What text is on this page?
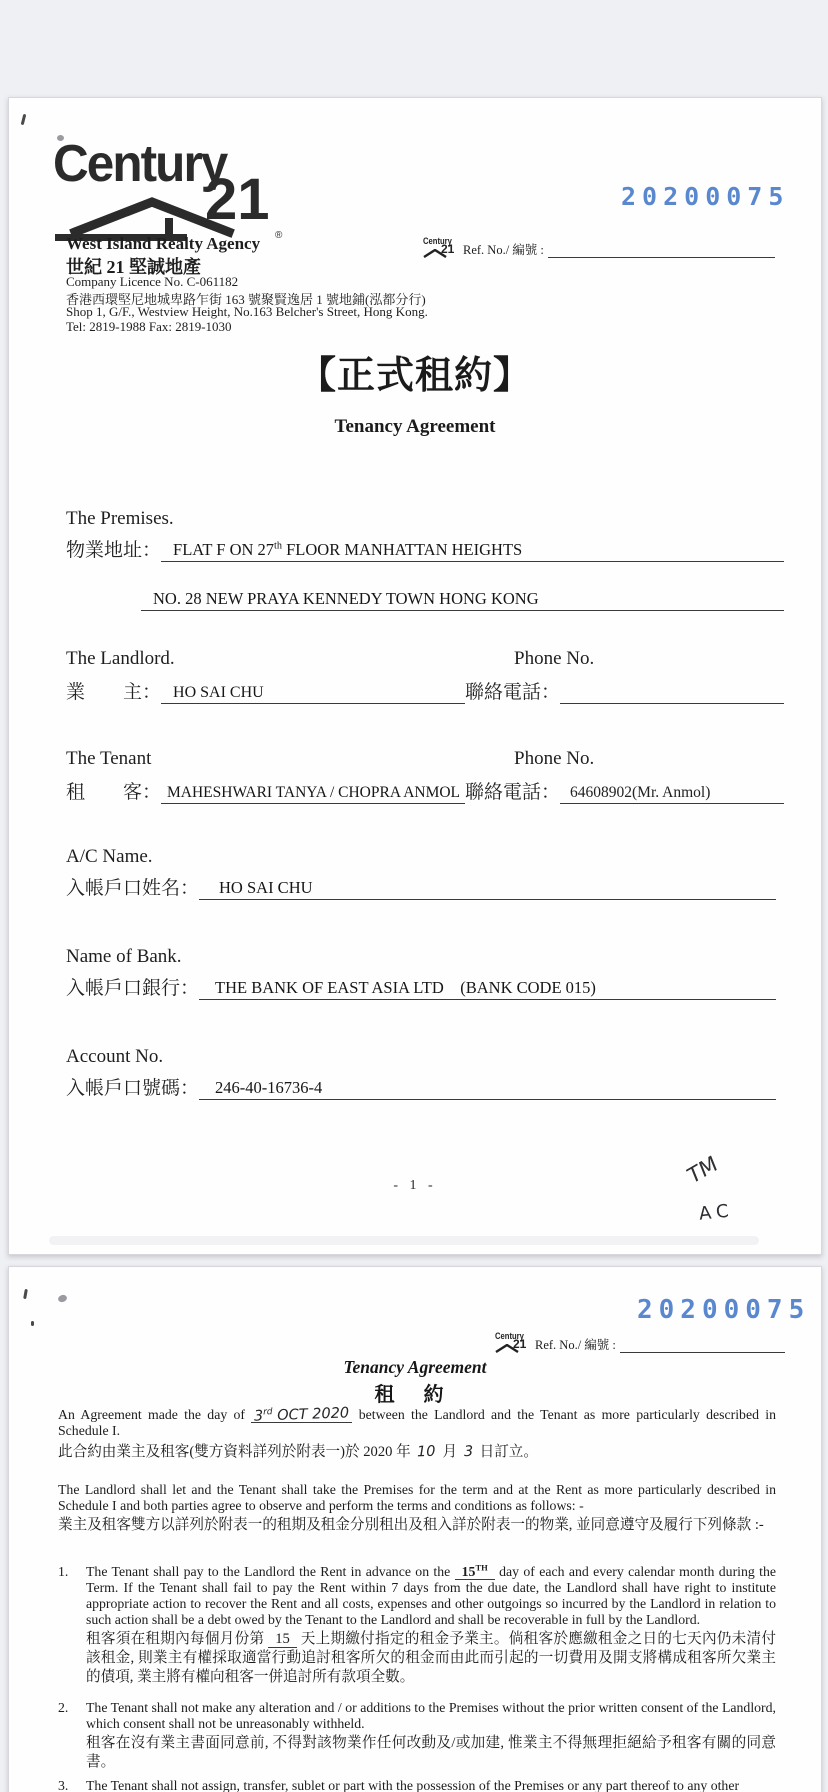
Century
21
®
20200075
Century
21 Ref. No./ 編號 :
West Island Realty Agency
世紀 21 堅誠地產
Company Licence No. C-061182
香港西環堅尼地城卑路乍街 163 號聚賢逸居 1 號地鋪(泓都分行)
Shop 1, G/F., Westview Height, No.163 Belcher's Street, Hong Kong.
Tel: 2819-1988 Fax: 2819-1030
【正式租約】
Tenancy Agreement
The Premises.
物業地址： FLAT F ON 27th FLOOR MANHATTAN HEIGHTS
NO. 28 NEW PRAYA KENNEDY TOWN HONG KONG
The Landlord.	Phone No.
業　　主： HO SAI CHU	聯絡電話：
The Tenant	Phone No.
租　　客： MAHESHWARI TANYA / CHOPRA ANMOL 聯絡電話： 64608902(Mr. Anmol)
A/C Name.
入帳戶口姓名：	HO SAI CHU
Name of Bank.
入帳戶口銀行： THE BANK OF EAST ASIA LTD　(BANK CODE 015)
Account No.
入帳戶口號碼： 246-40-16736-4
- 1 -	TM
AC
20200075
Century
21 Ref. No./ 編號 :
Tenancy Agreement
租 約
An Agreement made the day of 3rd OCT 2020 between the Landlord and the Tenant as more particularly described in Schedule I.
此合約由業主及租客(雙方資料詳列於附表一)於 2020 年 10 月 3 日訂立。
The Landlord shall let and the Tenant shall take the Premises for the term and at the Rent as more particularly described in Schedule I and both parties agree to observe and perform the terms and conditions as follows: -
業主及租客雙方以詳列於附表一的租期及租金分別租出及租入詳於附表一的物業, 並同意遵守及履行下列條款 :-
1.	The Tenant shall pay to the Landlord the Rent in advance on the 15TH day of each and every calendar month during the Term. If the Tenant shall fail to pay the Rent within 7 days from the due date, the Landlord shall have right to institute appropriate action to recover the Rent and all costs, expenses and other outgoings so incurred by the Landlord in relation to such action shall be a debt owed by the Tenant to the Landlord and shall be recoverable in full by the Landlord.
租客須在租期內每個月份第 15 天上期繳付指定的租金予業主。倘租客於應繳租金之日的七天內仍未清付該租金, 則業主有權採取適當行動追討租客所欠的租金而由此而引起的一切費用及開支將構成租客所欠業主的債項, 業主將有權向租客一併追討所有款項全數。
2.	The Tenant shall not make any alteration and / or additions to the Premises without the prior written consent of the Landlord, which consent shall not be unreasonably withheld.
租客在沒有業主書面同意前, 不得對該物業作任何改動及/或加建, 惟業主不得無理拒絕給予租客有關的同意書。
3.	The Tenant shall not assign, transfer, sublet or part with the possession of the Premises or any part thereof to any other
